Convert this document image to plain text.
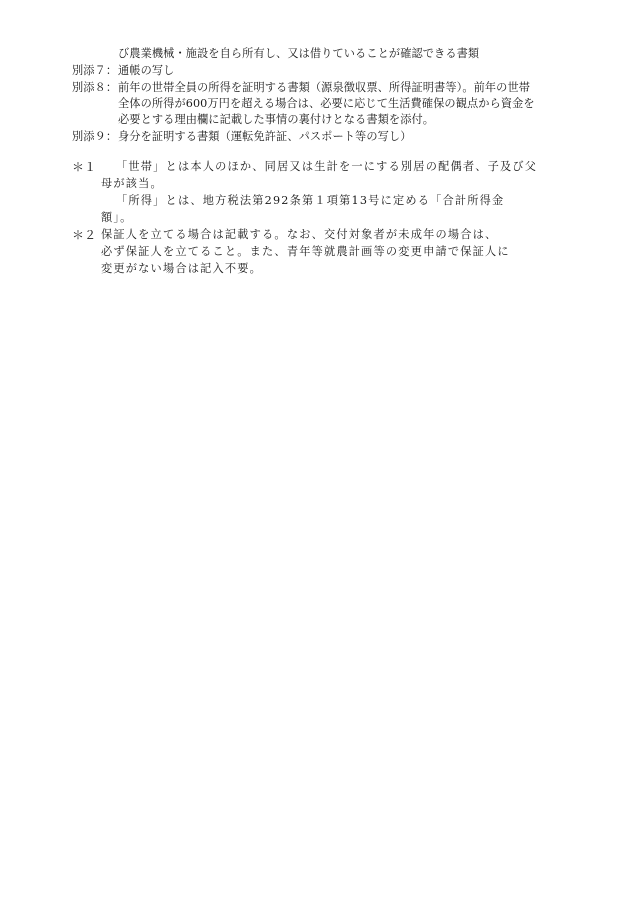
び農業機械・施設を自ら所有し、又は借りていることが確認できる書類
別添７： 通帳の写し
別添８： 前年の世帯全員の所得を証明する書類（源泉徴収票、所得証明書等）。前年の世帯
全体の所得が600万円を超える場合は、必要に応じて生活費確保の観点から資金を
必要とする理由欄に記載した事情の裏付けとなる書類を添付。
別添９： 身分を証明する書類（運転免許証、パスポート等の写し）
＊１ 「世帯」とは本人のほか、同居又は生計を一にする別居の配偶者、子及び父
母が該当。
「所得」とは、地方税法第292条第１項第13号に定める「合計所得金
額」。
＊２ 保証人を立てる場合は記載する。なお、交付対象者が未成年の場合は、
必ず保証人を立てること。また、青年等就農計画等の変更申請で保証人に
変更がない場合は記入不要。
